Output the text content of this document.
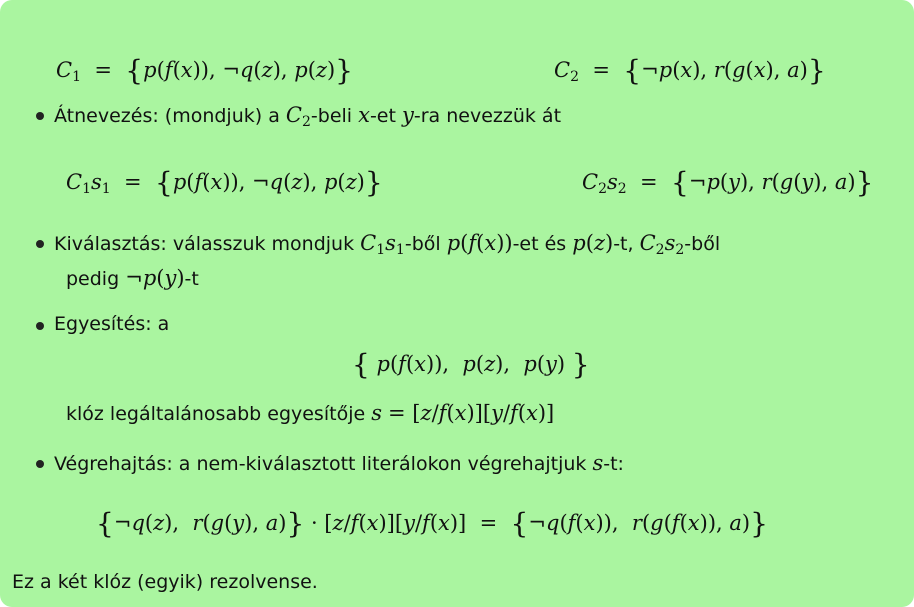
$C_1 = \{p(f(x))$, ¬q(z), p(z)}	$C_2$  =  {¬p(x), r(g(x), a)}
Átnevezés: (mondjuk) a $C_2$-beli x-et y-ra nevezzük át
$C_1s_1 = \{p(f(x))$, ¬q(z), p(z)}	$C_2s_2$  =  {¬p(y), r(g(y), a)}
Kiválasztás: válasszuk mondjuk $C_1s_1$-ből p(f(x))-et és p(z)-t, $C_2s_2$-ből
pedig ¬p(y)-t
Egyesítés: a
{ p(f(x)),  p(z),  p(y) }
klóz legáltalánosabb egyesítője s = [z/f(x)][y/f(x)]
Végrehajtás: a nem-kiválasztott literálokon végrehajtjuk s-t:
{¬q(z),  r(g(y), a)} · [z/f(x)][y/f(x)]  =  {¬q(f(x)),  r(g(f(x)), a)}
Ez a két klóz (egyik) rezolvense.
